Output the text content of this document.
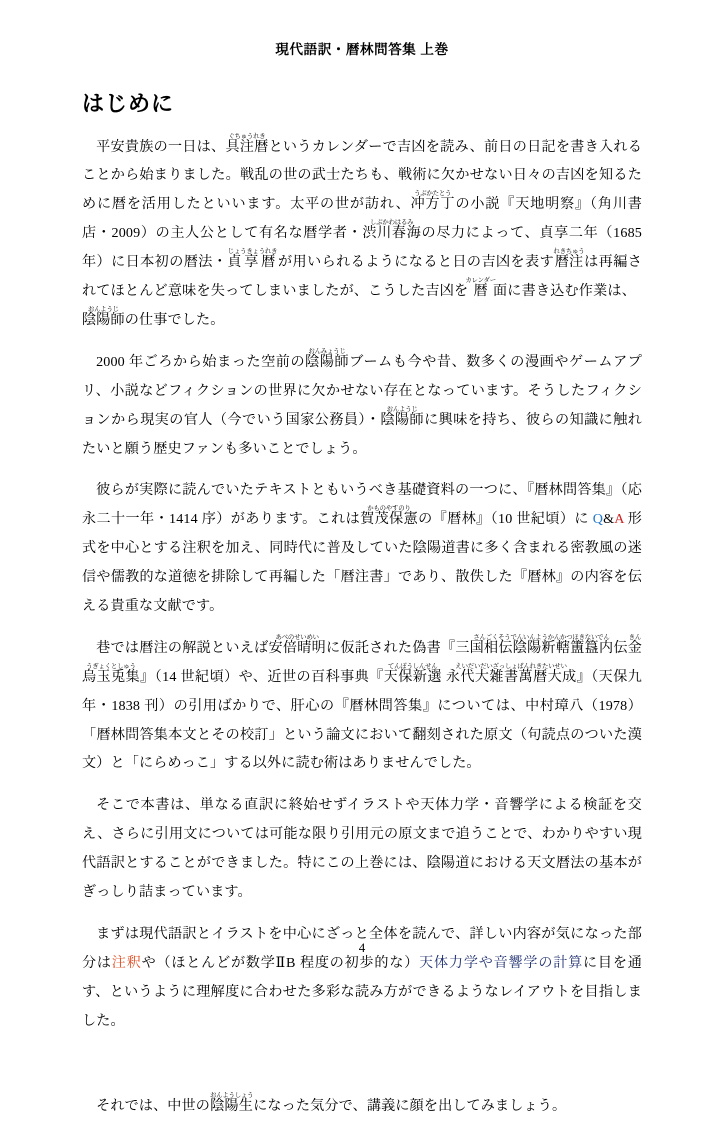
現代語訳・暦林問答集 上巻
はじめに

平安貴族の一日は、具注暦ぐちゅうれきというカレンダーで吉凶を読み、前日の日記を書き入れることから始まりました。戦乱の世の武士たちも、戦術に欠かせない日々の吉凶を知るために暦を活用したといいます。太平の世が訪れ、冲方丁うぶかたとうの小説『天地明察』（角川書店・2009）の主人公として有名な暦学者・渋川春海しぶかわはるみの尽力によって、貞享二年（1685 年）に日本初の暦法・貞享暦じょうきょうれきが用いられるようになると日の吉凶を表す暦注れきちゅうは再編されてほとんど意味を失ってしまいましたが、こうした吉凶を暦カレンダー面に書き込む作業は、陰陽師おんようじの仕事でした。

2000 年ごろから始まった空前の陰陽師おんみょうじブームも今や昔、数多くの漫画やゲームアプリ、小説などフィクションの世界に欠かせない存在となっています。そうしたフィクションから現実の官人（今でいう国家公務員）・陰陽師おんようじに興味を持ち、彼らの知識に触れたいと願う歴史ファンも多いことでしょう。

彼らが実際に読んでいたテキストともいうべき基礎資料の一つに、『暦林問答集』（応永二十一年・1414 序）があります。これは賀茂保憲かものやすのりの『暦林』（10 世紀頃）に Q&A 形式を中心とする注釈を加え、同時代に普及していた陰陽道書に多く含まれる密教風の迷信や儒教的な道徳を排除して再編した「暦注書」であり、散佚した『暦林』の内容を伝える貴重な文献です。

巷では暦注の解説といえば安倍晴明あべのせいめいに仮託された偽書『三国相伝陰陽䉼轄簠簋内伝さんごくそうでんいんようかんかつほきないでん金烏玉兎集きんうぎょくとしゅう』（14 世紀頃）や、近世の百科事典『天保新選てんぽうしんせん 永代大雑書萬暦大成えいだいだいざっしょばんれきたいせい』（天保九年・1838 刊）の引用ばかりで、肝心の『暦林問答集』については、中村璋八（1978）「暦林問答集本文とその校訂」という論文において翻刻された原文（句読点のついた漢文）と「にらめっこ」する以外に読む術はありませんでした。

そこで本書は、単なる直訳に終始せずイラストや天体力学・音響学による検証を交え、さらに引用文については可能な限り引用元の原文まで追うことで、わかりやすい現代語訳とすることができました。特にこの上巻には、陰陽道における天文暦法の基本がぎっしり詰まっています。

まずは現代語訳とイラストを中心にざっと全体を読んで、詳しい内容が気になった部分は注釈や（ほとんどが数学ⅡB 程度の初歩的な）天体力学や音響学の計算に目を通す、というように理解度に合わせた多彩な読み方ができるようなレイアウトを目指しました。

それでは、中世の陰陽生おんようしょうになった気分で、講義に顔を出してみましょう。

4
